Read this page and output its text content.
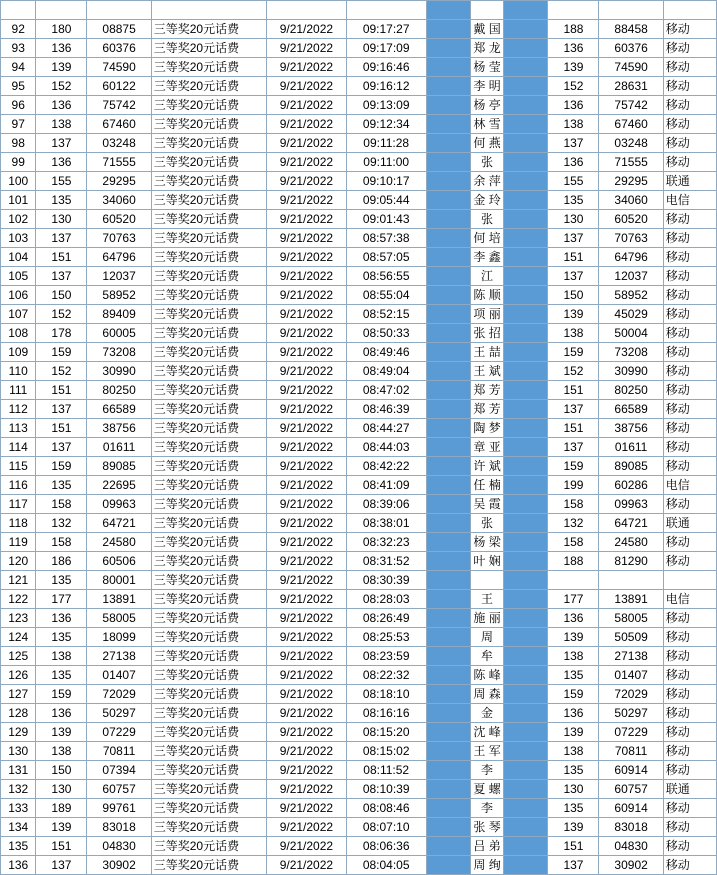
92	180	08875	三等奖20元话费	9/21/2022	09:17:27		戴 国		188	88458	移动
93	136	60376	三等奖20元话费	9/21/2022	09:17:09		郑 龙		136	60376	移动
94	139	74590	三等奖20元话费	9/21/2022	09:16:46		杨 莹		139	74590	移动
95	152	60122	三等奖20元话费	9/21/2022	09:16:12		李 明		152	28631	移动
96	136	75742	三等奖20元话费	9/21/2022	09:13:09		杨 亭		136	75742	移动
97	138	67460	三等奖20元话费	9/21/2022	09:12:34		林 雪		138	67460	移动
98	137	03248	三等奖20元话费	9/21/2022	09:11:28		何 燕		137	03248	移动
99	136	71555	三等奖20元话费	9/21/2022	09:11:00		张		136	71555	移动
100	155	29295	三等奖20元话费	9/21/2022	09:10:17		余 萍		155	29295	联通
101	135	34060	三等奖20元话费	9/21/2022	09:05:44		金 玲		135	34060	电信
102	130	60520	三等奖20元话费	9/21/2022	09:01:43		张		130	60520	移动
103	137	70763	三等奖20元话费	9/21/2022	08:57:38		何 培		137	70763	移动
104	151	64796	三等奖20元话费	9/21/2022	08:57:05		李 鑫		151	64796	移动
105	137	12037	三等奖20元话费	9/21/2022	08:56:55		江		137	12037	移动
106	150	58952	三等奖20元话费	9/21/2022	08:55:04		陈 顺		150	58952	移动
107	152	89409	三等奖20元话费	9/21/2022	08:52:15		项 丽		139	45029	移动
108	178	60005	三等奖20元话费	9/21/2022	08:50:33		张 招		138	50004	移动
109	159	73208	三等奖20元话费	9/21/2022	08:49:46		王 喆		159	73208	移动
110	152	30990	三等奖20元话费	9/21/2022	08:49:04		王 斌		152	30990	移动
111	151	80250	三等奖20元话费	9/21/2022	08:47:02		郑 芳		151	80250	移动
112	137	66589	三等奖20元话费	9/21/2022	08:46:39		郑 芳		137	66589	移动
113	151	38756	三等奖20元话费	9/21/2022	08:44:27		陶 梦		151	38756	移动
114	137	01611	三等奖20元话费	9/21/2022	08:44:03		章 亚		137	01611	移动
115	159	89085	三等奖20元话费	9/21/2022	08:42:22		许 斌		159	89085	移动
116	135	22695	三等奖20元话费	9/21/2022	08:41:09		任 楠		199	60286	电信
117	158	09963	三等奖20元话费	9/21/2022	08:39:06		吴 霞		158	09963	移动
118	132	64721	三等奖20元话费	9/21/2022	08:38:01		张		132	64721	联通
119	158	24580	三等奖20元话费	9/21/2022	08:32:23		杨 梁		158	24580	移动
120	186	60506	三等奖20元话费	9/21/2022	08:31:52		叶 娴		188	81290	移动
121	135	80001	三等奖20元话费	9/21/2022	08:30:39						
122	177	13891	三等奖20元话费	9/21/2022	08:28:03		王		177	13891	电信
123	136	58005	三等奖20元话费	9/21/2022	08:26:49		施 丽		136	58005	移动
124	135	18099	三等奖20元话费	9/21/2022	08:25:53		周		139	50509	移动
125	138	27138	三等奖20元话费	9/21/2022	08:23:59		牟		138	27138	移动
126	135	01407	三等奖20元话费	9/21/2022	08:22:32		陈 峰		135	01407	移动
127	159	72029	三等奖20元话费	9/21/2022	08:18:10		周 森		159	72029	移动
128	136	50297	三等奖20元话费	9/21/2022	08:16:16		金		136	50297	移动
129	139	07229	三等奖20元话费	9/21/2022	08:15:20		沈 峰		139	07229	移动
130	138	70811	三等奖20元话费	9/21/2022	08:15:02		王 军		138	70811	移动
131	150	07394	三等奖20元话费	9/21/2022	08:11:52		李		135	60914	移动
132	130	60757	三等奖20元话费	9/21/2022	08:10:39		夏 螺		130	60757	联通
133	189	99761	三等奖20元话费	9/21/2022	08:08:46		李		135	60914	移动
134	139	83018	三等奖20元话费	9/21/2022	08:07:10		张 琴		139	83018	移动
135	151	04830	三等奖20元话费	9/21/2022	08:06:36		吕 弟		151	04830	移动
136	137	30902	三等奖20元话费	9/21/2022	08:04:05		周 绚		137	30902	移动
